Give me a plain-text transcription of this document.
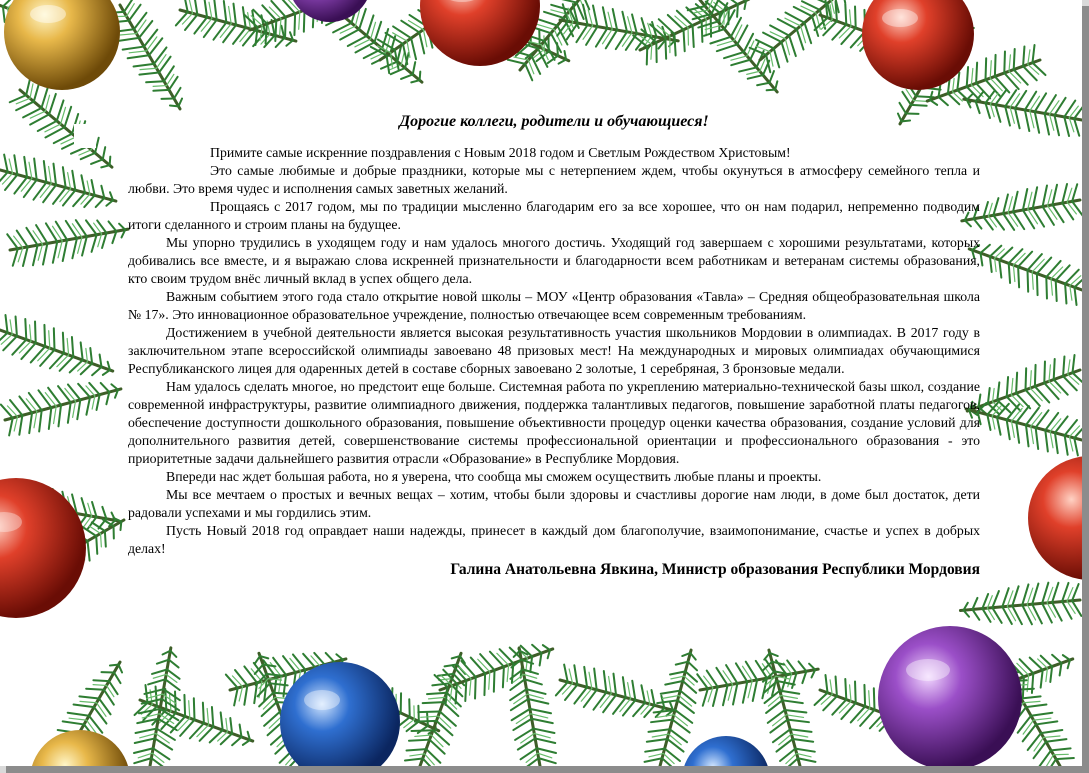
Дорогие коллеги, родители и обучающиеся!

Примите самые искренние поздравления с Новым 2018 годом и Светлым Рождеством Христовым!

Это самые любимые и добрые праздники, которые мы с нетерпением ждем, чтобы окунуться в атмосферу семейного тепла и любви. Это время чудес и исполнения самых заветных желаний.

Прощаясь с 2017 годом, мы по традиции мысленно благодарим его за все хорошее, что он нам подарил, непременно подводим итоги сделанного и строим планы на будущее.

Мы упорно трудились в уходящем году и нам удалось многого достичь. Уходящий год завершаем с хорошими результатами, которых добивались все вместе, и я выражаю слова искренней признательности и благодарности всем работникам и ветеранам системы образования, кто своим трудом внёс личный вклад в успех общего дела.

Важным событием этого года стало открытие новой школы – МОУ «Центр образования «Тавла» – Средняя общеобразовательная школа № 17». Это инновационное образовательное учреждение, полностью отвечающее всем современным требованиям.

Достижением в учебной деятельности является высокая результативность участия школьников Мордовии в олимпиадах. В 2017 году в заключительном этапе всероссийской олимпиады завоевано 48 призовых мест! На международных и мировых олимпиадах обучающимися Республиканского лицея для одаренных детей в составе сборных завоевано 2 золотые, 1 серебряная, 3 бронзовые медали.

Нам удалось сделать многое, но предстоит еще больше. Системная работа по укреплению материально-технической базы школ, создание современной инфраструктуры, развитие олимпиадного движения, поддержка талантливых педагогов, повышение заработной платы педагогов, обеспечение доступности дошкольного образования, повышение объективности процедур оценки качества образования, создание условий для дополнительного развития детей, совершенствование системы профессиональной ориентации и профессионального образования - это приоритетные задачи дальнейшего развития отрасли «Образование» в Республике Мордовия.

Впереди нас ждет большая работа, но я уверена, что сообща мы сможем осуществить любые планы и проекты.

Мы все мечтаем о простых и вечных вещах – хотим, чтобы были здоровы и счастливы дорогие нам люди, в доме был достаток, дети радовали успехами и мы гордились этим.

Пусть Новый 2018 год оправдает наши надежды, принесет в каждый дом благополучие, взаимопонимание, счастье и успех в добрых делах!

Галина Анатольевна Явкина, Министр образования Республики Мордовия
